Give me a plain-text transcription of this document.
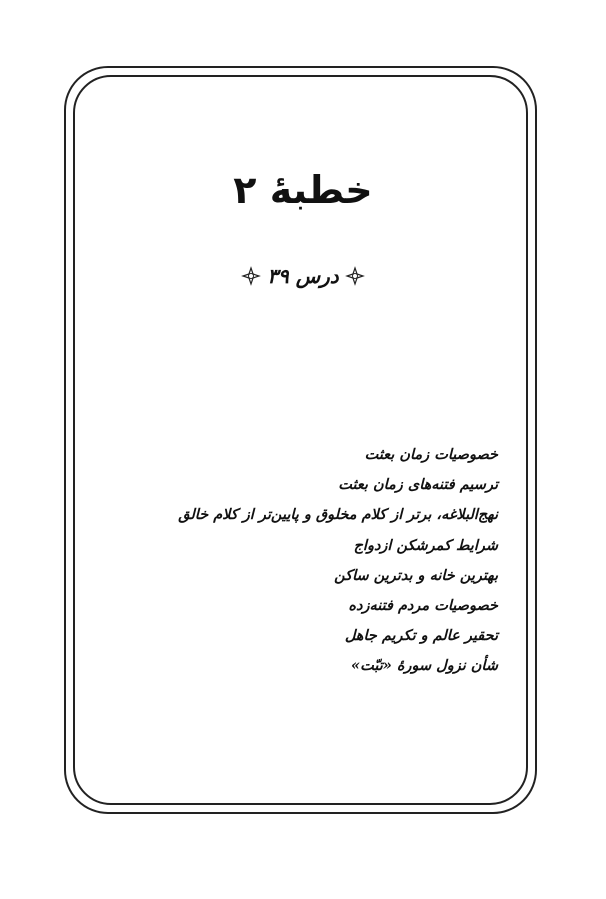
خطبهٔ ۲
درس ۳۹
خصوصیات زمان بعثت
ترسیم فتنه‌های زمان بعثت
نهج‌البلاغه، برتر از کلام مخلوق و پایین‌تر از کلام خالق
شرایط کمرشکن ازدواج
بهترین خانه و بدترین ساکن
خصوصیات مردم فتنه‌زده
تحقیر عالم و تکریم جاهل
شأن نزول سورهٔ «تبّت»
